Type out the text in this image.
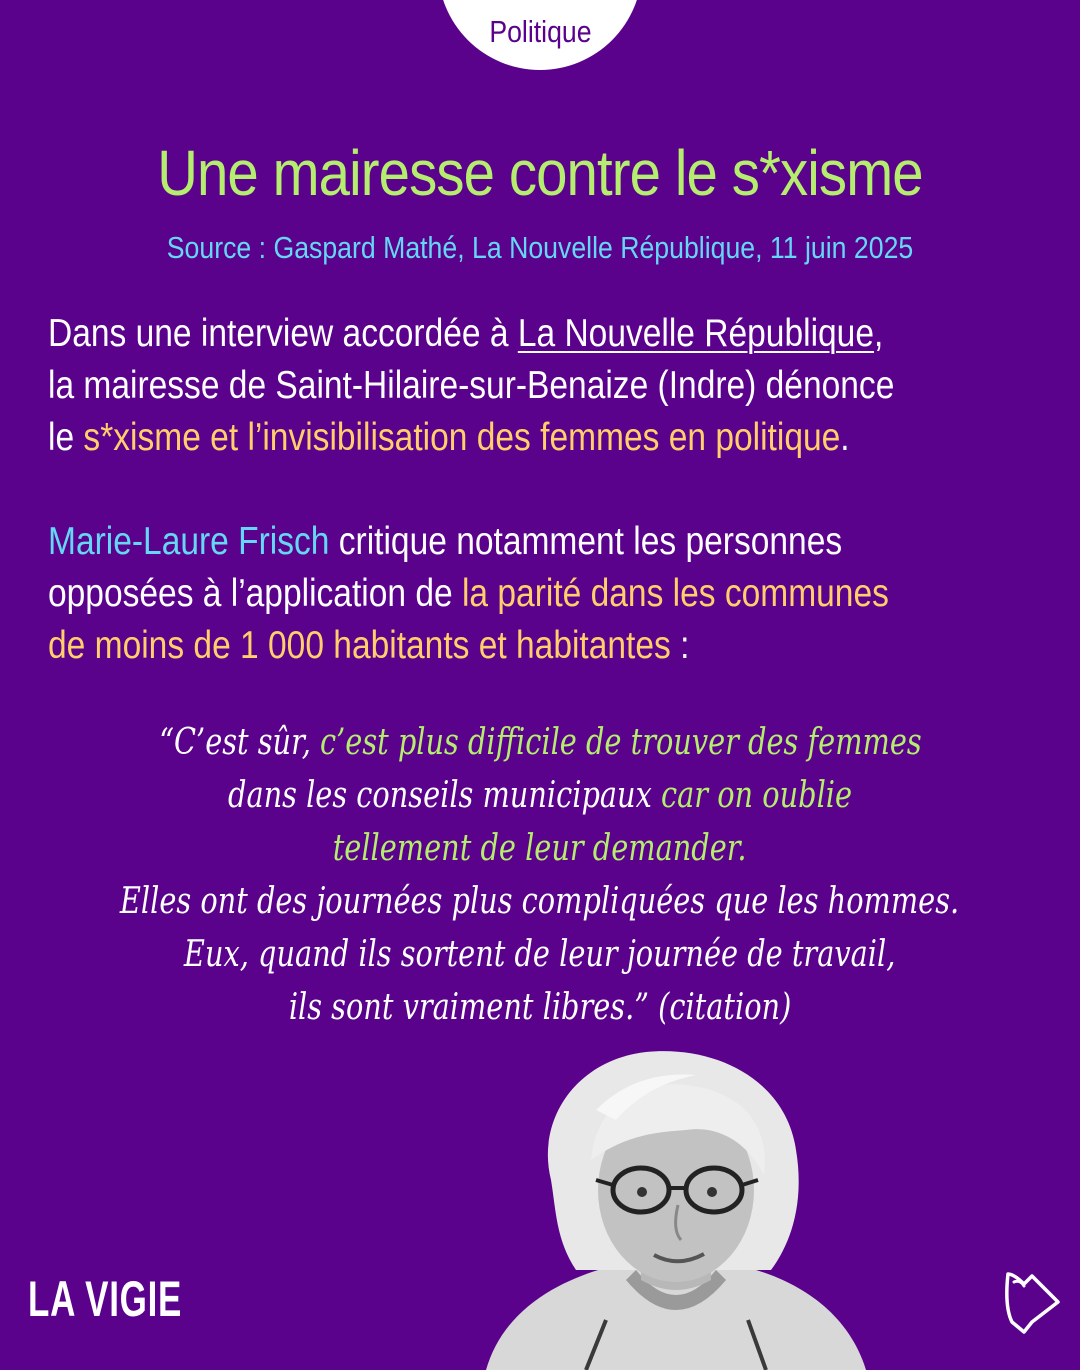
Politique
Une mairesse contre le s*xisme
Source : Gaspard Mathé, La Nouvelle République, 11 juin 2025

Dans une interview accordée à La Nouvelle République,
la mairesse de Saint-Hilaire-sur-Benaize (Indre) dénonce
le s*xisme et l’invisibilisation des femmes en politique.

Marie-Laure Frisch critique notamment les personnes
opposées à l’application de la parité dans les communes
de moins de 1 000 habitants et habitantes :

“C’est sûr, c’est plus difficile de trouver des femmes
dans les conseils municipaux car on oublie
tellement de leur demander.
Elles ont des journées plus compliquées que les hommes.
Eux, quand ils sortent de leur journée de travail,
ils sont vraiment libres.” (citation)
LA VIGIE
